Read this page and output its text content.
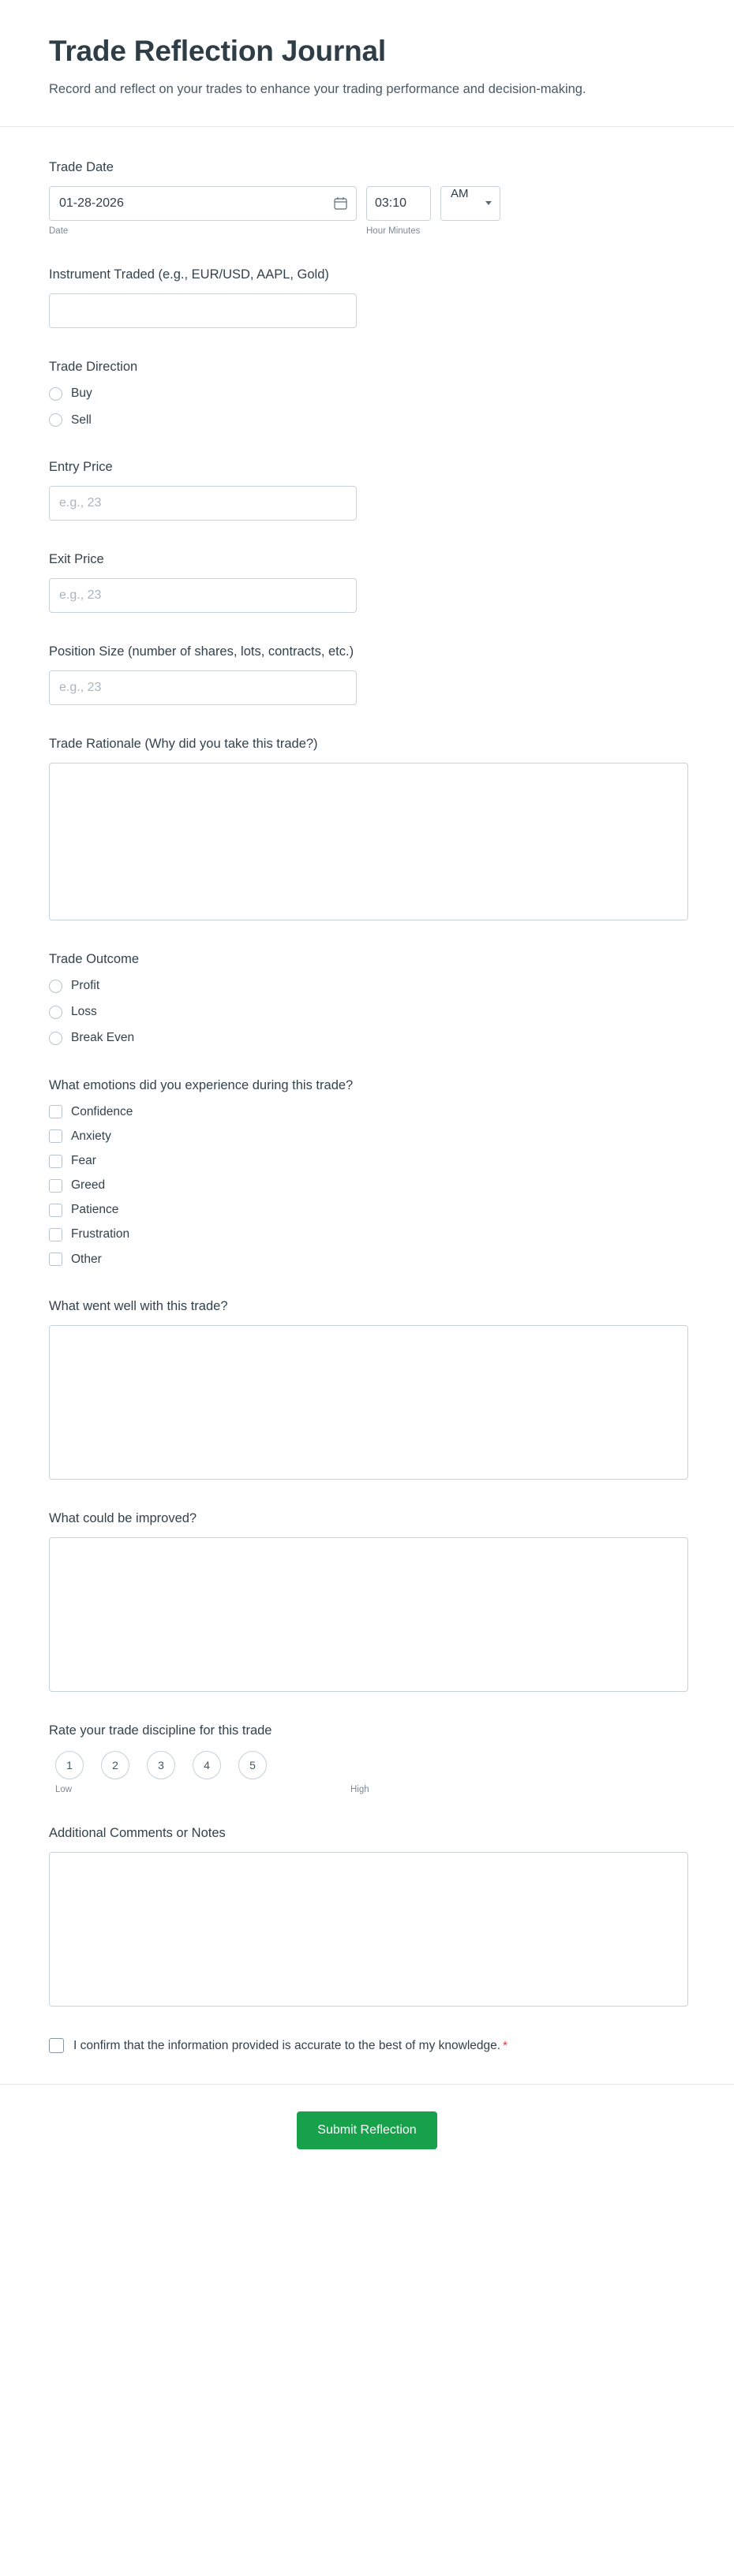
Trade Reflection Journal

Record and reflect on your trades to enhance your trading performance and decision-making.

Trade Date
01-28-2026	03:10
AM
Date	Hour Minutes
Instrument Traded (e.g., EUR/USD, AAPL, Gold)
Trade Direction
Buy
Sell
Entry Price
e.g., 23
Exit Price
e.g., 23
Position Size (number of shares, lots, contracts, etc.)
e.g., 23
Trade Rationale (Why did you take this trade?)
Trade Outcome
Profit
Loss
Break Even
What emotions did you experience during this trade?
Confidence
Anxiety
Fear
Greed
Patience
Frustration
Other
What went well with this trade?
What could be improved?
Rate your trade discipline for this trade
1	2	3	4	5
Low	High
Additional Comments or Notes
I confirm that the information provided is accurate to the best of my knowledge. *
Submit Reflection
